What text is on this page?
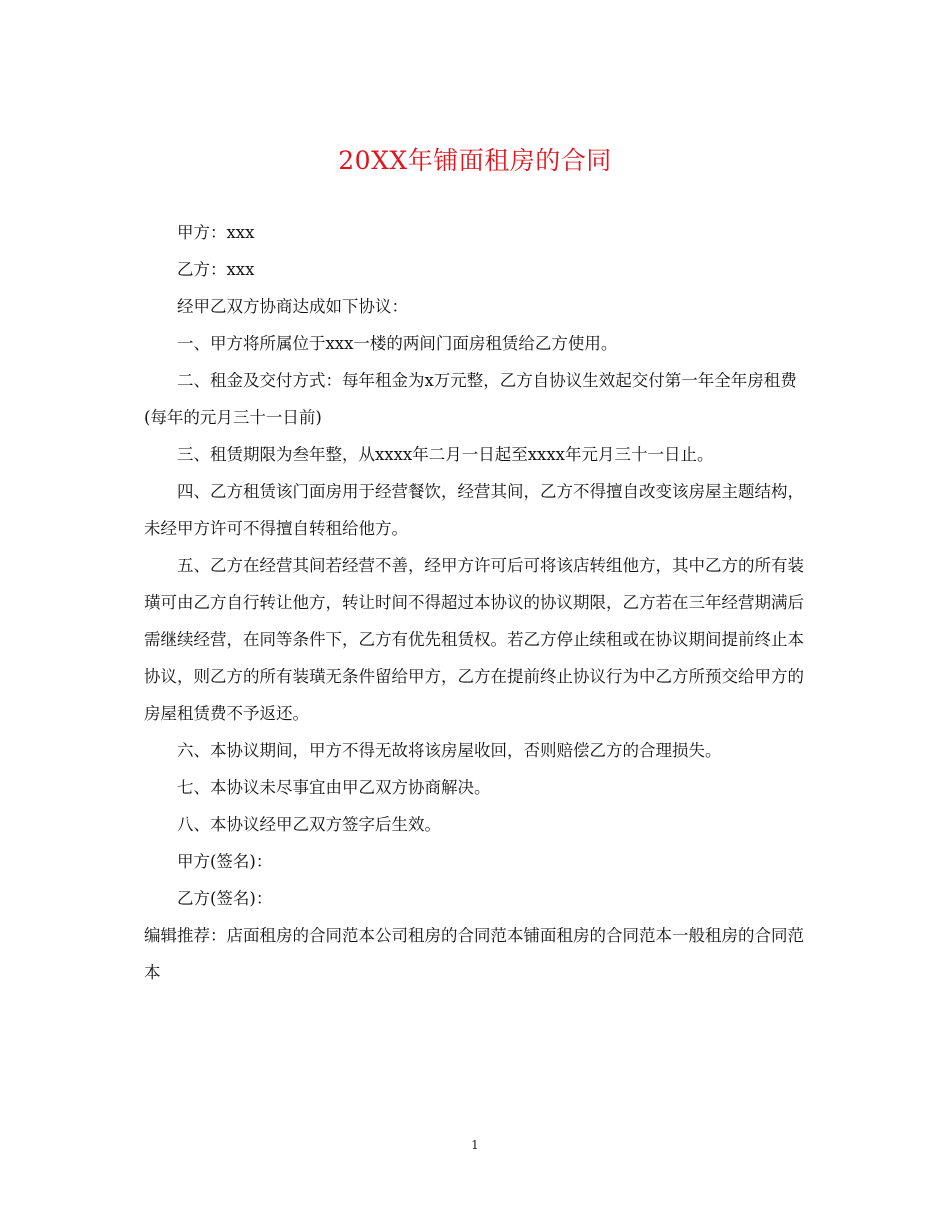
20XX年铺面租房的合同

甲方：xxx

乙方：xxx

经甲乙双方协商达成如下协议：

一、甲方将所属位于xxx一楼的两间门面房租赁给乙方使用。

二、租金及交付方式：每年租金为x万元整，乙方自协议生效起交付第一年全年房租费(每年的元月三十一日前)

三、租赁期限为叁年整，从xxxx年二月一日起至xxxx年元月三十一日止。

四、乙方租赁该门面房用于经营餐饮，经营其间，乙方不得擅自改变该房屋主题结构，未经甲方许可不得擅自转租给他方。

五、乙方在经营其间若经营不善，经甲方许可后可将该店转组他方，其中乙方的所有装璜可由乙方自行转让他方，转让时间不得超过本协议的协议期限，乙方若在三年经营期满后需继续经营，在同等条件下，乙方有优先租赁权。若乙方停止续租或在协议期间提前终止本协议，则乙方的所有装璜无条件留给甲方，乙方在提前终止协议行为中乙方所预交给甲方的房屋租赁费不予返还。

六、本协议期间，甲方不得无故将该房屋收回，否则赔偿乙方的合理损失。

七、本协议未尽事宜由甲乙双方协商解决。

八、本协议经甲乙双方签字后生效。

甲方(签名)：

乙方(签名)：

编辑推荐：店面租房的合同范本公司租房的合同范本铺面租房的合同范本一般租房的合同范本

1
